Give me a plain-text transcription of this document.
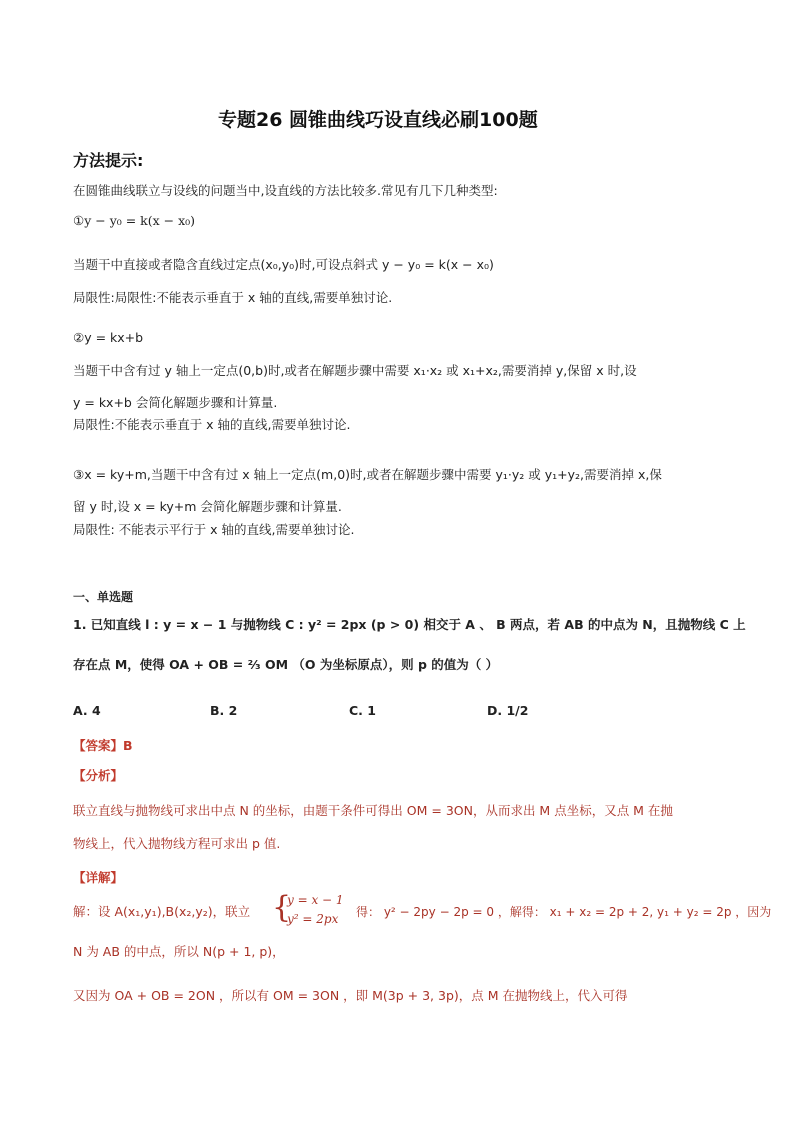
专题26 圆锥曲线巧设直线必刷100题
方法提示:
在圆锥曲线联立与设线的问题当中,设直线的方法比较多.常见有几下几种类型:
①y − y₀ = k(x − x₀)
当题干中直接或者隐含直线过定点(x₀,y₀)时,可设点斜式 y − y₀ = k(x − x₀)
局限性:局限性:不能表示垂直于 x 轴的直线,需要单独讨论.
②y = kx+b
当题干中含有过 y 轴上一定点(0,b)时,或者在解题步骤中需要 x₁·x₂ 或 x₁+x₂,需要消掉 y,保留 x 时,设
y = kx+b 会简化解题步骤和计算量.
局限性:不能表示垂直于 x 轴的直线,需要单独讨论.
③x = ky+m,当题干中含有过 x 轴上一定点(m,0)时,或者在解题步骤中需要 y₁·y₂ 或 y₁+y₂,需要消掉 x,保
留 y 时,设 x = ky+m 会简化解题步骤和计算量.
局限性: 不能表示平行于 x 轴的直线,需要单独讨论.
一、单选题
1. 已知直线 l : y = x − 1 与抛物线 C : y² = 2px (p > 0) 相交于 A 、 B 两点，若 AB 的中点为 N，且抛物线 C 上
存在点 M，使得 OA + OB = ²⁄₃ OM （O 为坐标原点），则 p 的值为（ ）
A. 4	B. 2	C. 1	D. 1/2
【答案】B
【分析】
联立直线与抛物线可求出中点 N 的坐标，由题干条件可得出 OM = 3ON，从而求出 M 点坐标，又点 M 在抛
物线上，代入抛物线方程可求出 p 值.
【详解】
解：设 A(x₁,y₁),B(x₂,y₂)，联立 {
y = x − 1
y² = 2px 得： y² − 2py − 2p = 0 ，解得： x₁ + x₂ = 2p + 2, y₁ + y₂ = 2p ，因为
N 为 AB 的中点，所以 N(p + 1, p)，
又因为 OA + OB = 2ON ，所以有 OM = 3ON ，即 M(3p + 3, 3p)，点 M 在抛物线上，代入可得
